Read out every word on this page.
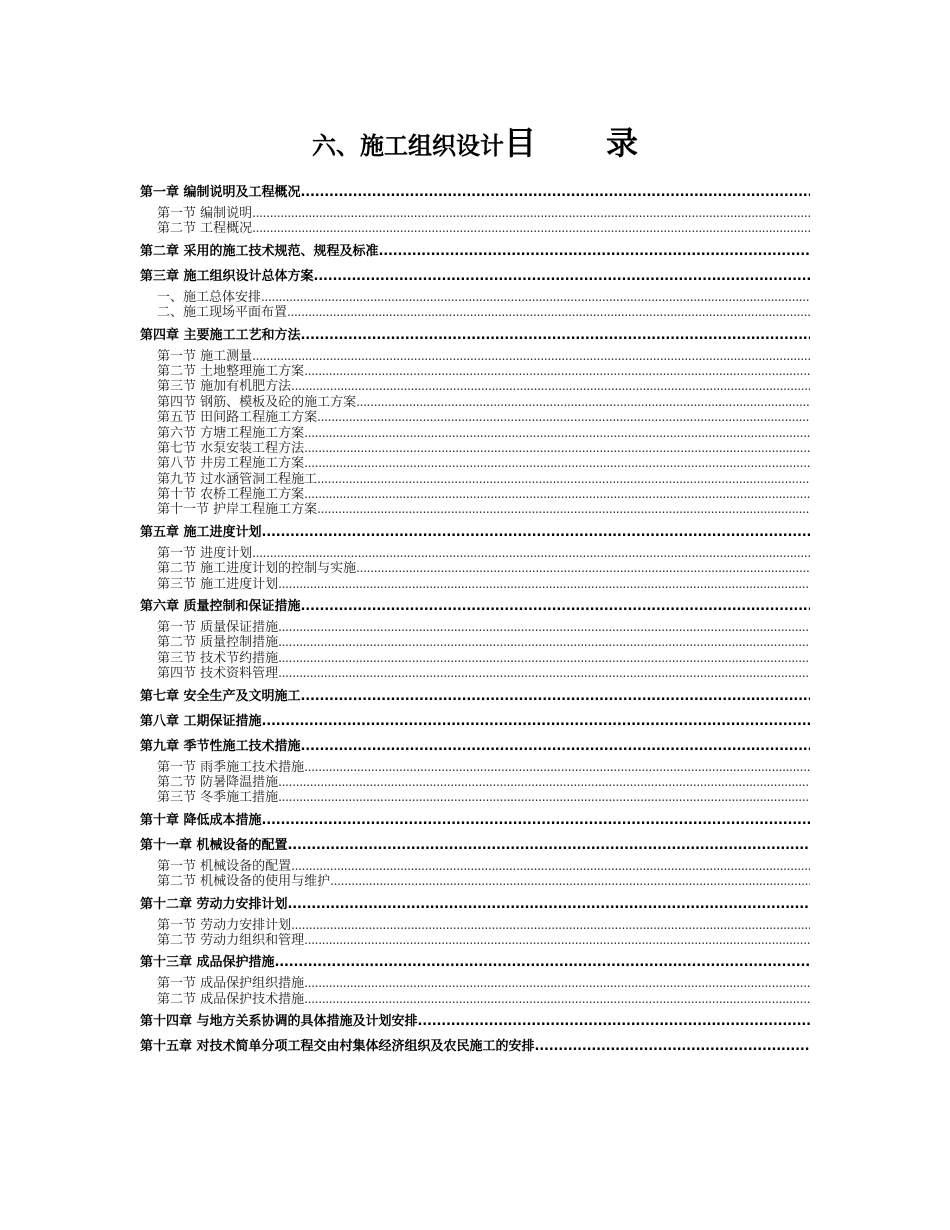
六、施工组织设计目 录
第一章 编制说明及工程概况
.....
第一节 编制说明
.....
第二节 工程概况
.....
第二章 采用的施工技术规范、规程及标准
.....
第三章 施工组织设计总体方案
.....
一、施工总体安排
.....
二、施工现场平面布置
.....
第四章 主要施工工艺和方法
.....
第一节 施工测量
.....
第二节 土地整理施工方案
.....
第三节 施加有机肥方法
.....
第四节 钢筋、模板及砼的施工方案
.....
第五节 田间路工程施工方案
.....
第六节 方塘工程施工方案
.....
第七节 水泵安装工程方法
.....
第八节 井房工程施工方案
.....
第九节 过水涵管洞工程施工
.....
第十节 农桥工程施工方案
.....
第十一节 护岸工程施工方案
.....
第五章 施工进度计划
.....
第一节 进度计划
.....
第二节 施工进度计划的控制与实施
.....
第三节 施工进度计划
.....
第六章 质量控制和保证措施
.....
第一节 质量保证措施
.....
第二节 质量控制措施
.....
第三节 技术节约措施
.....
第四节 技术资料管理
.....
第七章 安全生产及文明施工
.....
第八章 工期保证措施
.....
第九章 季节性施工技术措施
.....
第一节 雨季施工技术措施
.....
第二节 防暑降温措施
.....
第三节 冬季施工措施
.....
第十章 降低成本措施
.....
第十一章 机械设备的配置
.....
第一节 机械设备的配置
.....
第二节 机械设备的使用与维护
.....
第十二章 劳动力安排计划
.....
第一节 劳动力安排计划
.....
第二节 劳动力组织和管理
.....
第十三章 成品保护措施
.....
第一节 成品保护组织措施
.....
第二节 成品保护技术措施
.....
第十四章 与地方关系协调的具体措施及计划安排
.....
第十五章 对技术简单分项工程交由村集体经济组织及农民施工的安排
.....
